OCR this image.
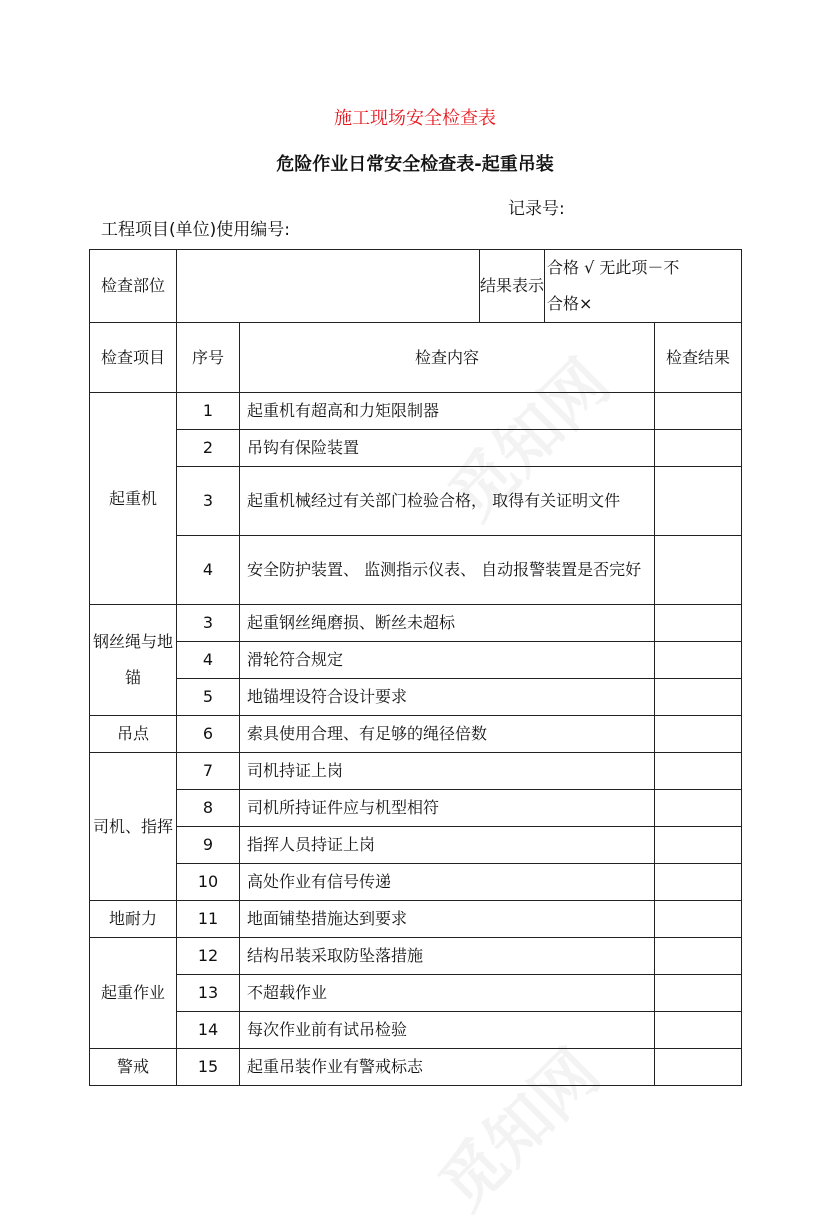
施工现场安全检查表
危险作业日常安全检查表-起重吊装
记录号:
工程项目(单位)使用编号:
检查部位			结果表示	合格 √ 无此项－不合格×	
检查项目	序号	检查内容			检查结果
起重机	1	起重机有超高和力矩限制器			
	2	吊钩有保险装置			
	3	起重机械经过有关部门检验合格， 取得有关证明文件			
	4	安全防护装置、 监测指示仪表、 自动报警装置是否完好			
钢丝绳与地锚	3	起重钢丝绳磨损、断丝未超标			
	4	滑轮符合规定			
	5	地锚埋设符合设计要求			
吊点	6	索具使用合理、有足够的绳径倍数			
司机、指挥	7	司机持证上岗			
	8	司机所持证件应与机型相符			
	9	指挥人员持证上岗			
	10	高处作业有信号传递			
地耐力	11	地面铺垫措施达到要求			
起重作业	12	结构吊装采取防坠落措施			
	13	不超载作业			
	14	每次作业前有试吊检验			
警戒	15	起重吊装作业有警戒标志			
